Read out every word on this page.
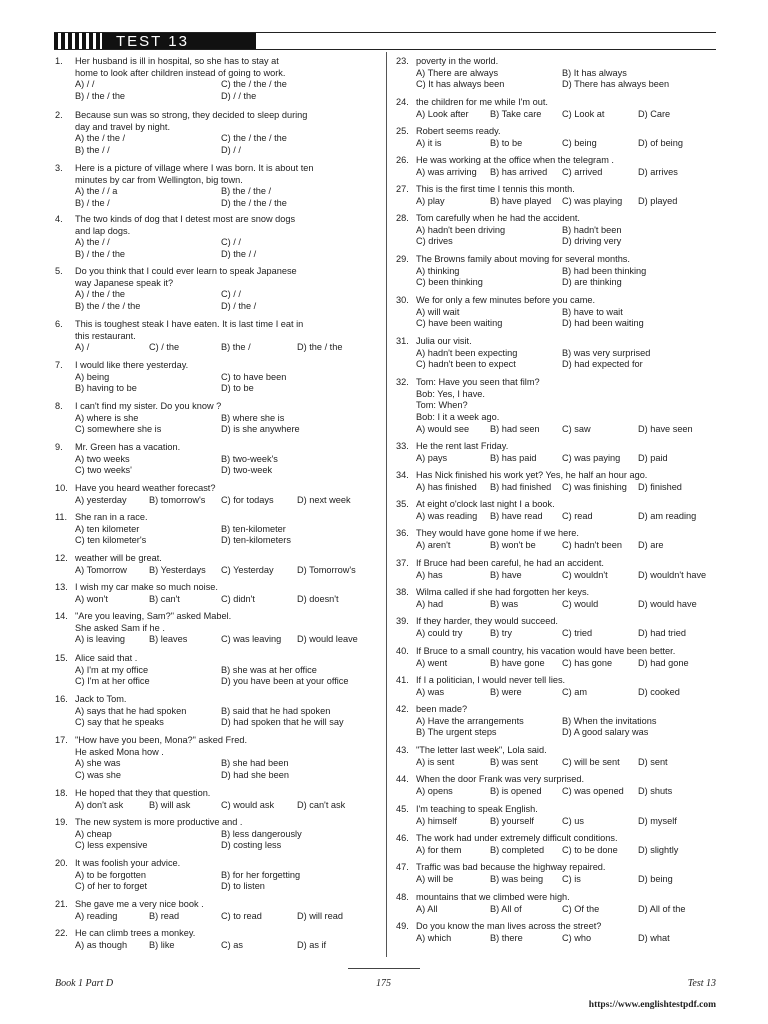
TEST 13
1.	Her husband is ill in hospital, so she has to stay at
home to look after children instead of going to work.
A) / /	C) the / the / the
B) / the / the	D) / / the
2.	Because sun was so strong, they decided to sleep during
day and travel by night.
A) the / the /	C) the / the / the
B) the / /	D) / /
3.	Here is a picture of village where I was born. It is about ten
minutes by car from Wellington, big town.
A) the / / a	B) the / the /
B) / the /	D) the / the / the
4.	The two kinds of dog that I detest most are snow dogs
and lap dogs.
A) the / /	C) / /
B) / the / the	D) the / /
5.	Do you think that I could ever learn to speak Japanese
way Japanese speak it?
A) / the / the	C) / /
B) the / the / the	D) / the /
6.	This is toughest steak I have eaten. It is last time I eat in
this restaurant.
A) /	C) / the	B) the /	D) the / the
7.	I would like there yesterday.
A) being	C) to have been
B) having to be	D) to be
8.	I can't find my sister. Do you know ?
A) where is she	B) where she is
C) somewhere she is	D) is she anywhere
9.	Mr. Green has a vacation.
A) two weeks	B) two-week's
C) two weeks'	D) two-week
10. Have you heard weather forecast?
A) yesterday B) tomorrow's C) for todays	D) next week
11. She ran in a race.
A) ten kilometer	B) ten-kilometer
C) ten kilometer's	D) ten-kilometers
12. weather will be great.
A) Tomorrow B) Yesterdays C) Yesterday	D) Tomorrow's
13. I wish my car make so much noise.
A) won't	B) can't	C) didn't	D) doesn't
14. "Are you leaving, Sam?" asked Mabel.
She asked Sam if he .
A) is leaving	B) leaves	C) was leaving D) would leave
15. Alice said that .
A) I'm at my office	B) she was at her office
C) I'm at her office	D) you have been at your office
16. Jack to Tom.
A) says that he had spoken	B) said that he had spoken
C) say that he speaks	D) had spoken that he will say
17. "How have you been, Mona?" asked Fred.
He asked Mona how .
A) she was	B) she had been
C) was she	D) had she been
18. He hoped that they that question.
A) don't ask	B) will ask	C) would ask D) can't ask
19. The new system is more productive and .
A) cheap	B) less dangerously
C) less expensive	D) costing less
20. It was foolish your advice.
A) to be forgotten	B) for her forgetting
C) of her to forget	D) to listen
21. She gave me a very nice book .
A) reading	B) read	C) to read	D) will read
22. He can climb trees a monkey.
A) as though B) like	C) as	D) as if
23. poverty in the world.
A) There are always	B) It has always
C) It has always been	D) There has always been
24. the children for me while I'm out.
A) Look after B) Take care C) Look at	D) Care
25. Robert seems ready.
A) it is	B) to be	C) being	D) of being
26. He was working at the office when the telegram .
A) was arriving B) has arrived C) arrived	D) arrives
27. This is the first time I tennis this month.
A) play	B) have played C) was playing D) played
28. Tom carefully when he had the accident.
A) hadn't been driving	B) hadn't been
C) drives	D) driving very
29. The Browns family about moving for several months.
A) thinking	B) had been thinking
C) been thinking	D) are thinking
30. We for only a few minutes before you came.
A) will wait	B) have to wait
C) have been waiting	D) had been waiting
31. Julia our visit.
A) hadn't been expecting	B) was very surprised
C) hadn't been to expect	D) had expected for
32. Tom: Have you seen that film?
Bob: Yes, I have.
Tom: When?
Bob: I it a week ago.
A) would see B) had seen C) saw	D) have seen
33. He the rent last Friday.
A) pays	B) has paid	C) was paying D) paid
34. Has Nick finished his work yet? Yes, he half an hour ago.
A) has finished B) had finished C) was finishing D) finished
35. At eight o'clock last night I a book.
A) was reading B) have read C) read	D) am reading
36. They would have gone home if we here.
A) aren't	B) won't be	C) hadn't been D) are
37. If Bruce had been careful, he had an accident.
A) has	B) have	C) wouldn't	D) wouldn't have
38. Wilma called if she had forgotten her keys.
A) had	B) was	C) would	D) would have
39. If they harder, they would succeed.
A) could try	B) try	C) tried	D) had tried
40. If Bruce to a small country, his vacation would have been better.
A) went	B) have gone C) has gone	D) had gone
41. If I a politician, I would never tell lies.
A) was	B) were	C) am	D) cooked
42. been made?
A) Have the arrangements	B) When the invitations
B) The urgent steps	D) A good salary was
43. "The letter last week", Lola said.
A) is sent	B) was sent	C) will be sent D) sent
44. When the door Frank was very surprised.
A) opens	B) is opened C) was opened D) shuts
45. I'm teaching to speak English.
A) himself	B) yourself	C) us	D) myself
46. The work had under extremely difficult conditions.
A) for them	B) completed C) to be done D) slightly
47. Traffic was bad because the highway repaired.
A) will be	B) was being C) is	D) being
48. mountains that we climbed were high.
A) All	B) All of	C) Of the	D) All of the
49. Do you know the man lives across the street?
A) which	B) there	C) who	D) what
Book 1 Part D	175	Test 13
https://www.englishtestpdf.com
